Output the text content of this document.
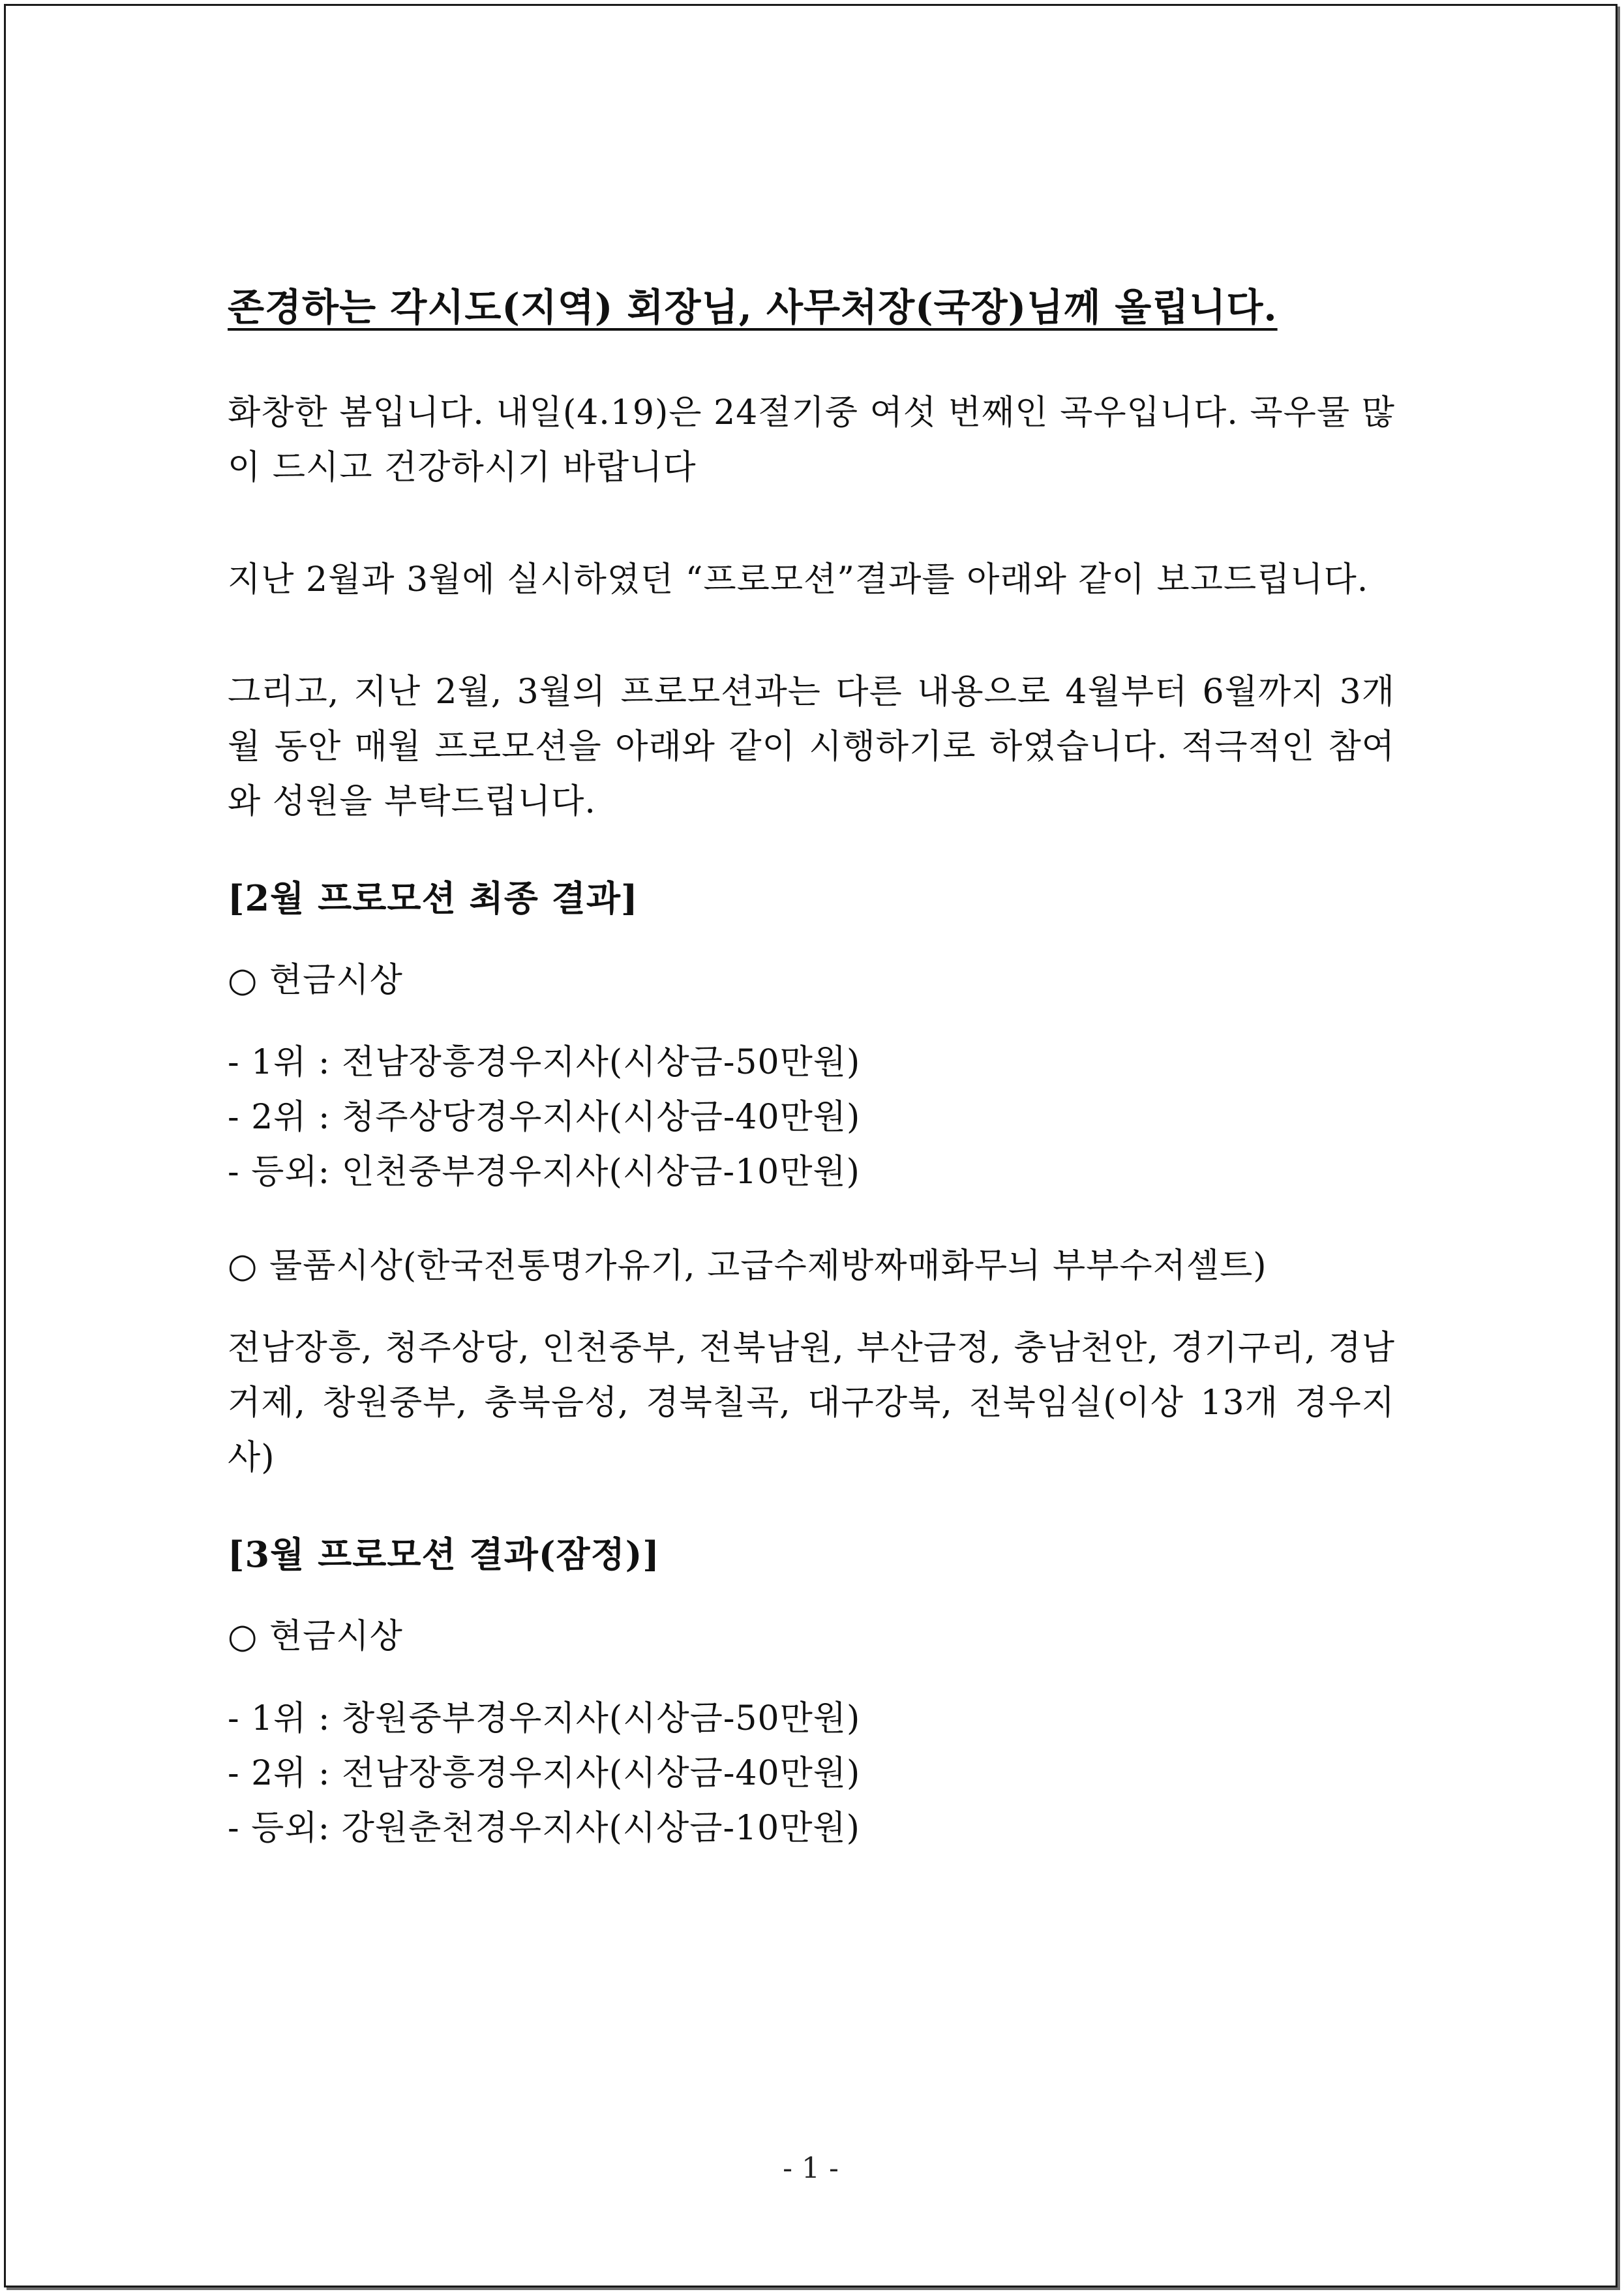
존경하는 각시도(지역) 회장님, 사무처장(국장)님께 올립니다.

화창한 봄입니다. 내일(4.19)은 24절기중 여섯 번째인 곡우입니다. 곡우물 많이 드시고 건강하시기 바랍니다

지난 2월과 3월에 실시하였던 “프로모션”결과를 아래와 같이 보고드립니다.

그리고, 지난 2월, 3월의 프로모션과는 다른 내용으로 4월부터 6월까지 3개월 동안 매월 프로모션을 아래와 같이 시행하기로 하였습니다. 적극적인 참여와 성원을 부탁드립니다.

[2월 프로모션 최종 결과]

○ 현금시상

- 1위 : 전남장흥경우지사(시상금-50만원)
- 2위 : 청주상당경우지사(시상금-40만원)
- 등외: 인천중부경우지사(시상금-10만원)

○ 물품시상(한국전통명가유기, 고급수제방짜매화무늬 부부수저셀트)

전남장흥, 청주상당, 인천중부, 전북남원, 부산금정, 충남천안, 경기구리, 경남거제, 창원중부, 충북음성, 경북칠곡, 대구강북, 전북임실(이상 13개 경우지사)

[3월 프로모션 결과(잠정)]

○ 현금시상

- 1위 : 창원중부경우지사(시상금-50만원)
- 2위 : 전남장흥경우지사(시상금-40만원)
- 등외: 강원춘천경우지사(시상금-10만원)
- 1 -
